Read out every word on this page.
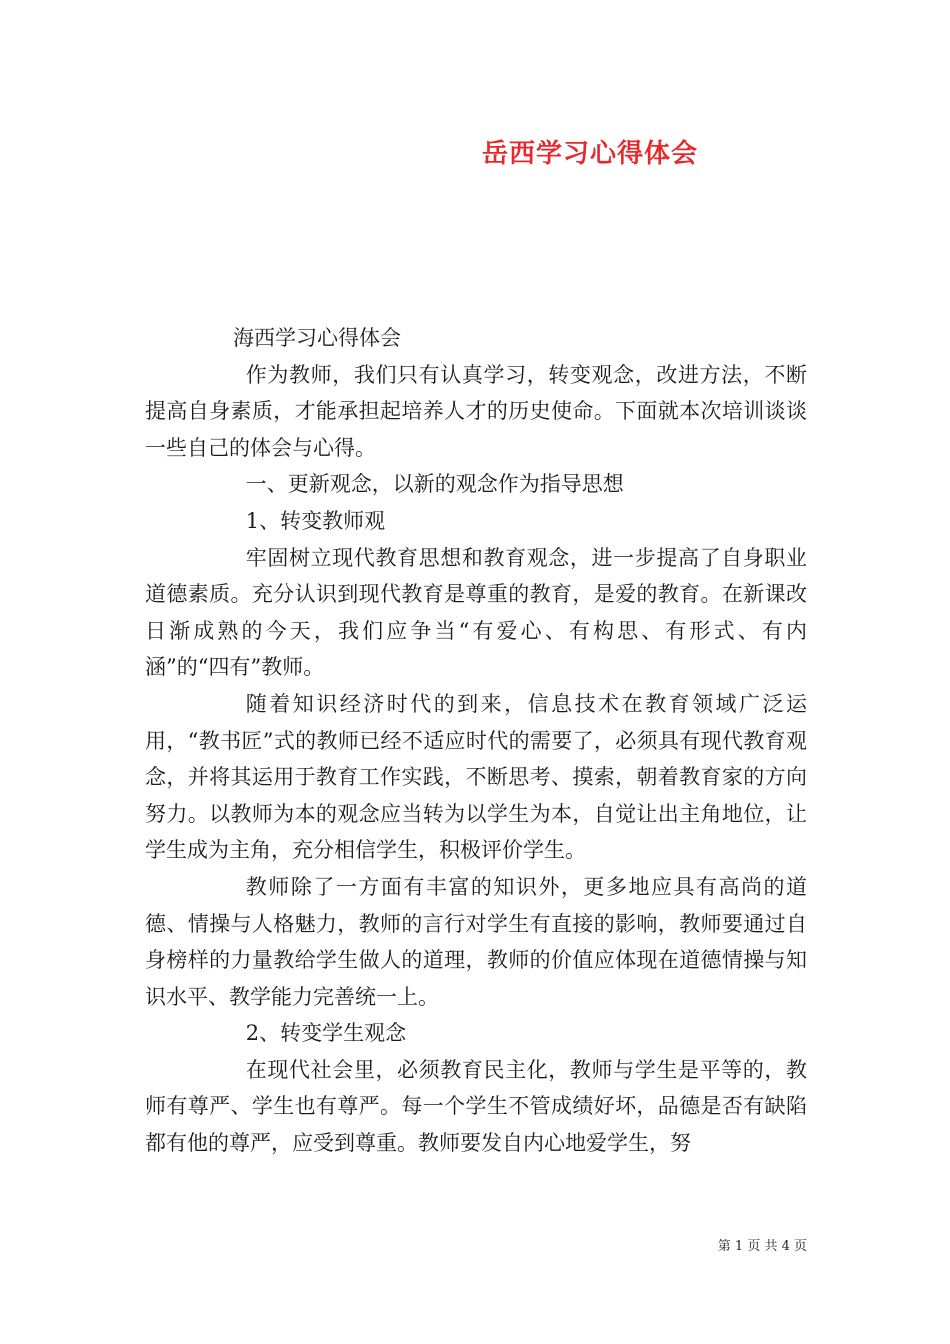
岳西学习心得体会

海西学习心得体会

作为教师，我们只有认真学习，转变观念，改进方法，不断提高自身素质，才能承担起培养人才的历史使命。下面就本次培训谈谈一些自己的体会与心得。

一、更新观念，以新的观念作为指导思想

1、转变教师观

牢固树立现代教育思想和教育观念，进一步提高了自身职业道德素质。充分认识到现代教育是尊重的教育，是爱的教育。在新课改日渐成熟的今天，我们应争当“有爱心、有构思、有形式、有内涵”的“四有”教师。

随着知识经济时代的到来，信息技术在教育领域广泛运用，“教书匠”式的教师已经不适应时代的需要了，必须具有现代教育观念，并将其运用于教育工作实践，不断思考、摸索，朝着教育家的方向努力。以教师为本的观念应当转为以学生为本，自觉让出主角地位，让学生成为主角，充分相信学生，积极评价学生。

教师除了一方面有丰富的知识外，更多地应具有高尚的道德、情操与人格魅力，教师的言行对学生有直接的影响，教师要通过自身榜样的力量教给学生做人的道理，教师的价值应体现在道德情操与知识水平、教学能力完善统一上。

2、转变学生观念

在现代社会里，必须教育民主化，教师与学生是平等的，教师有尊严、学生也有尊严。每一个学生不管成绩好坏，品德是否有缺陷都有他的尊严，应受到尊重。教师要发自内心地爱学生，努

第 1 页 共 4 页
